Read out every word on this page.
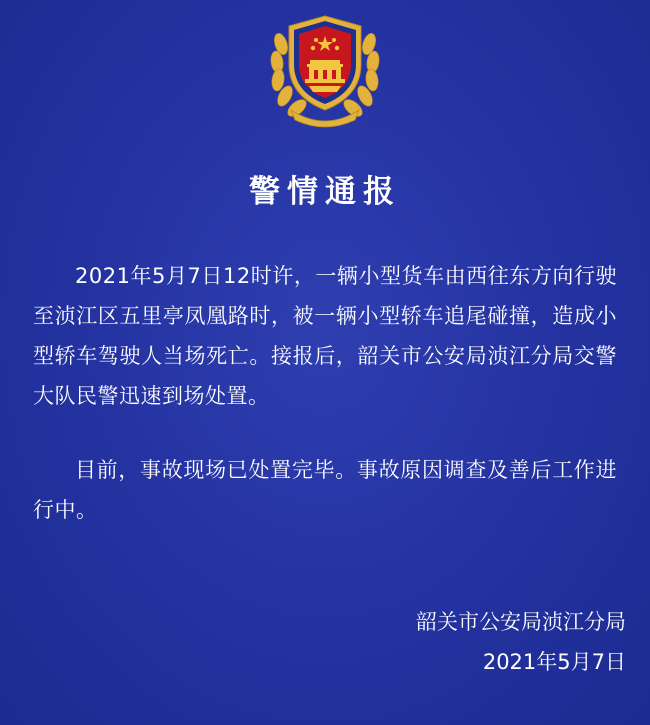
警情通报
2021年5月7日12时许，一辆小型货车由西往东方向行驶至浈江区五里亭凤凰路时，被一辆小型轿车追尾碰撞，造成小型轿车驾驶人当场死亡。接报后，韶关市公安局浈江分局交警大队民警迅速到场处置。
目前，事故现场已处置完毕。事故原因调查及善后工作进行中。
韶关市公安局浈江分局
2021年5月7日
